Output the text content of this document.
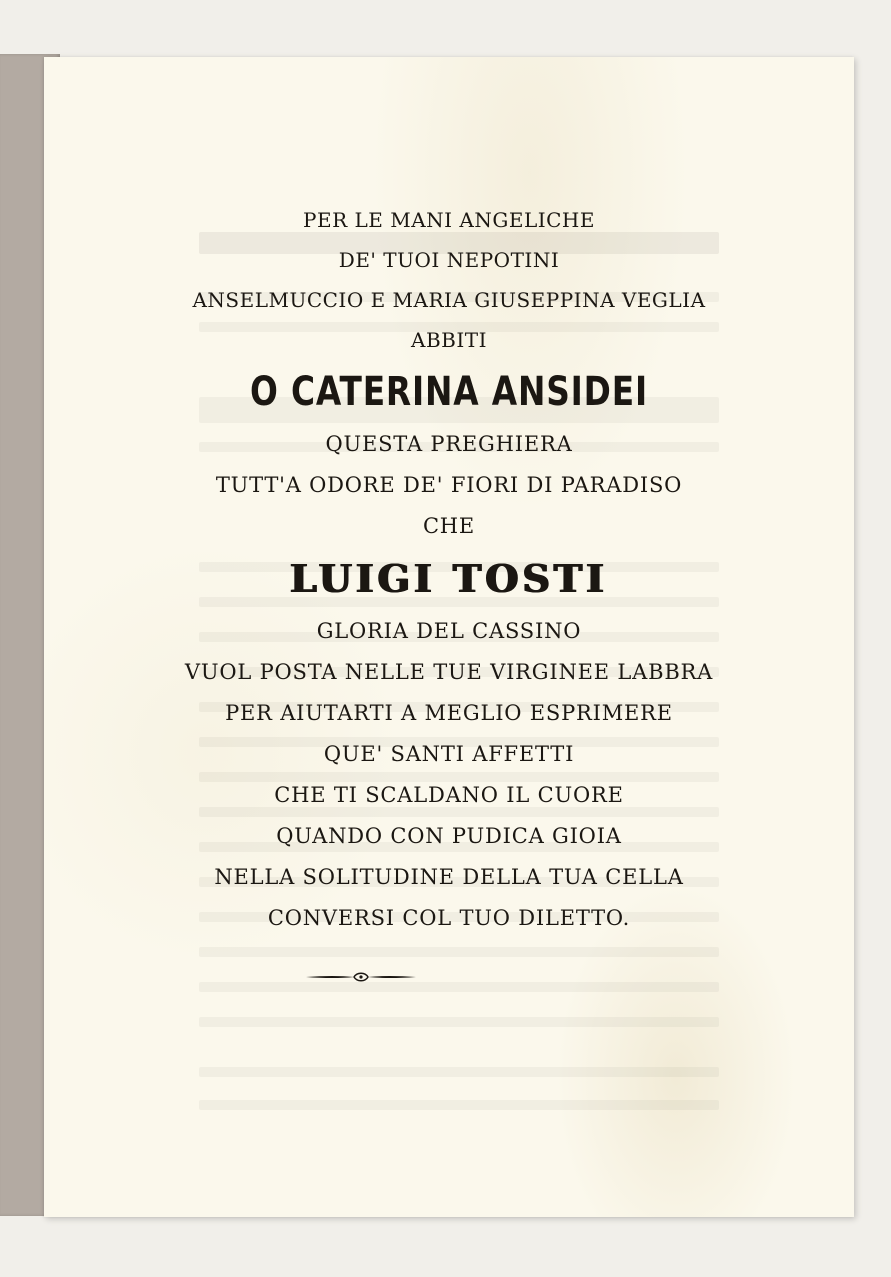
PER LE MANI ANGELICHE
DE' TUOI NEPOTINI
ANSELMUCCIO E MARIA GIUSEPPINA VEGLIA
ABBITI
O CATERINA ANSIDEI
QUESTA PREGHIERA
TUTT'A ODORE DE' FIORI DI PARADISO
CHE
LUIGI TOSTI
GLORIA DEL CASSINO
VUOL POSTA NELLE TUE VIRGINEE LABBRA
PER AIUTARTI A MEGLIO ESPRIMERE
QUE' SANTI AFFETTI
CHE TI SCALDANO IL CUORE
QUANDO CON PUDICA GIOIA
NELLA SOLITUDINE DELLA TUA CELLA
CONVERSI COL TUO DILETTO.
